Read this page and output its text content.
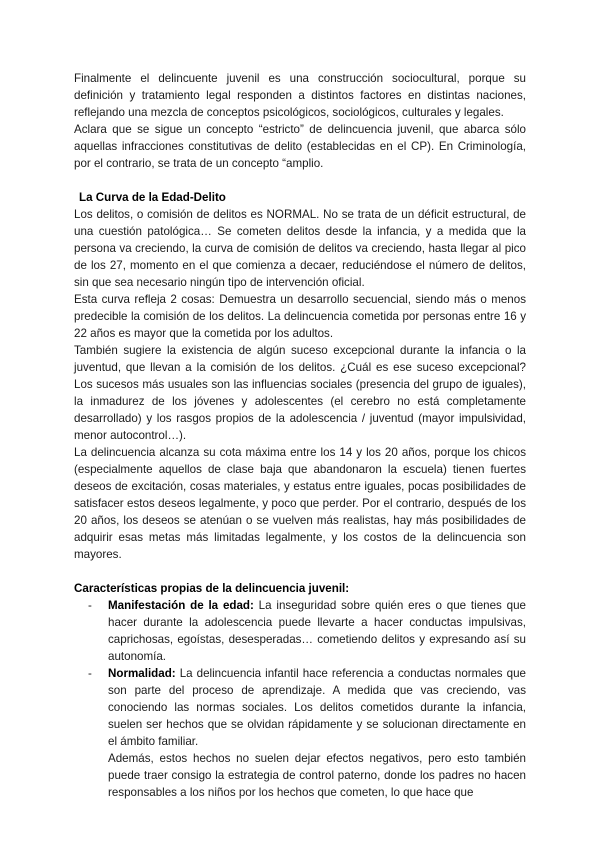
Finalmente el delincuente juvenil es una construcción sociocultural, porque su definición y tratamiento legal responden a distintos factores en distintas naciones, reflejando una mezcla de conceptos psicológicos, sociológicos, culturales y legales.

Aclara que se sigue un concepto “estricto” de delincuencia juvenil, que abarca sólo aquellas infracciones constitutivas de delito (establecidas en el CP). En Criminología, por el contrario, se trata de un concepto “amplio.

La Curva de la Edad-Delito

Los delitos, o comisión de delitos es NORMAL. No se trata de un déficit estructural, de una cuestión patológica… Se cometen delitos desde la infancia, y a medida que la persona va creciendo, la curva de comisión de delitos va creciendo, hasta llegar al pico de los 27, momento en el que comienza a decaer, reduciéndose el número de delitos, sin que sea necesario ningún tipo de intervención oficial.

Esta curva refleja 2 cosas: Demuestra un desarrollo secuencial, siendo más o menos predecible la comisión de los delitos. La delincuencia cometida por personas entre 16 y 22 años es mayor que la cometida por los adultos.

También sugiere la existencia de algún suceso excepcional durante la infancia o la juventud, que llevan a la comisión de los delitos. ¿Cuál es ese suceso excepcional? Los sucesos más usuales son las influencias sociales (presencia del grupo de iguales), la inmadurez de los jóvenes y adolescentes (el cerebro no está completamente desarrollado) y los rasgos propios de la adolescencia / juventud (mayor impulsividad, menor autocontrol…).

La delincuencia alcanza su cota máxima entre los 14 y los 20 años, porque los chicos (especialmente aquellos de clase baja que abandonaron la escuela) tienen fuertes deseos de excitación, cosas materiales, y estatus entre iguales, pocas posibilidades de satisfacer estos deseos legalmente, y poco que perder. Por el contrario, después de los 20 años, los deseos se atenúan o se vuelven más realistas, hay más posibilidades de adquirir esas metas más limitadas legalmente, y los costos de la delincuencia son mayores.

Características propias de la delincuencia juvenil:
- Manifestación de la edad: La inseguridad sobre quién eres o que tienes que hacer durante la adolescencia puede llevarte a hacer conductas impulsivas, caprichosas, egoístas, desesperadas… cometiendo delitos y expresando así su autonomía.

- Normalidad: La delincuencia infantil hace referencia a conductas normales que son parte del proceso de aprendizaje. A medida que vas creciendo, vas conociendo las normas sociales. Los delitos cometidos durante la infancia, suelen ser hechos que se olvidan rápidamente y se solucionan directamente en el ámbito familiar.

Además, estos hechos no suelen dejar efectos negativos, pero esto también puede traer consigo la estrategia de control paterno, donde los padres no hacen responsables a los niños por los hechos que cometen, lo que hace que
